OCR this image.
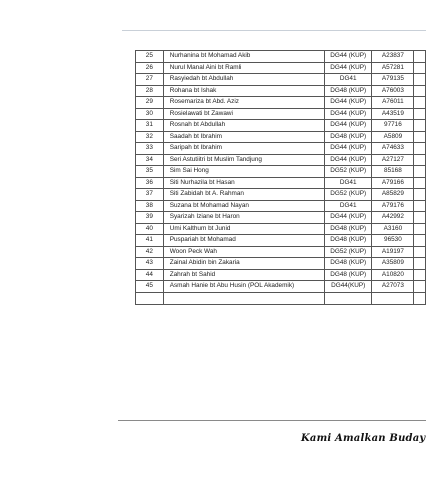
25	Nurhanina bt Mohamad Akib	DG44 (KUP)	A23837	
26	Nurul Manal Aini bt Ramli	DG44 (KUP)	A57281	
27	Rasyiedah bt Abdullah	DG41	A79135	
28	Rohana bt Ishak	DG48 (KUP)	A76003	
29	Rosemariza bt Abd. Aziz	DG44 (KUP)	A76011	
30	Rosielawati bt Zawawi	DG44 (KUP)	A43519	
31	Rosnah bt Abdullah	DG44 (KUP)	97716	
32	Saadah bt Ibrahim	DG48 (KUP)	A5809	
33	Saripah bt Ibrahim	DG44 (KUP)	A74633	
34	Seri Astutiitri bt Muslim Tandjung	DG44 (KUP)	A27127	
35	Sim Sai Hong	DG52 (KUP)	85168	
36	Siti Nurhazila bt Hasan	DG41	A79166	
37	Siti Zabidah bt A. Rahman	DG52 (KUP)	A85829	
38	Suzana bt Mohamad Nayan	DG41	A79176	
39	Syarizah Iziane bt Haron	DG44 (KUP)	A42992	
40	Umi Kalthum bt Junid	DG48 (KUP)	A3160	
41	Puspariah bt Mohamad	DG48 (KUP)	96530	
42	Woon Peck Wah	DG52 (KUP)	A19197	
43	Zainal Abidin bin Zakaria	DG48 (KUP)	A35809	
44	Zahrah bt Sahid	DG48 (KUP)	A10820	
45	Asmah Hanie bt Abu Husin (POL Akademik)	DG44(KUP)	A27073	

Kami Amalkan Buday
